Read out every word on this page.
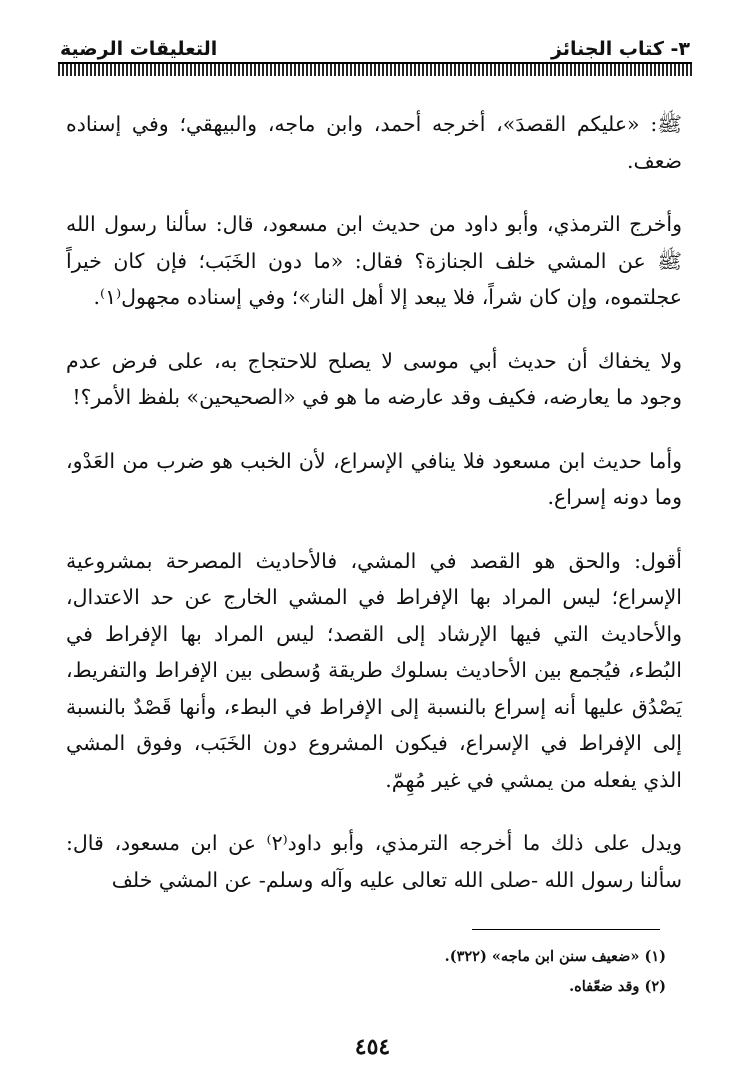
٣- كتاب الجنائز
التعليقات الرضية

ﷺ: «عليكم القصدَ»، أخرجه أحمد، وابن ماجه، والبيهقي؛ وفي إسناده ضعف.

وأخرج الترمذي، وأبو داود من حديث ابن مسعود، قال: سألنا رسول الله ﷺ عن المشي خلف الجنازة؟ فقال: «ما دون الخَبَب؛ فإن كان خيراً عجلتموه، وإن كان شراً، فلا يبعد إلا أهل النار»؛ وفي إسناده مجهول⁽١⁾.

ولا يخفاك أن حديث أبي موسى لا يصلح للاحتجاج به، على فرض عدم وجود ما يعارضه، فكيف وقد عارضه ما هو في «الصحيحين» بلفظ الأمر؟!

وأما حديث ابن مسعود فلا ينافي الإسراع، لأن الخبب هو ضرب من العَدْو، وما دونه إسراع.

أقول: والحق هو القصد في المشي، فالأحاديث المصرحة بمشروعية الإسراع؛ ليس المراد بها الإفراط في المشي الخارج عن حد الاعتدال، والأحاديث التي فيها الإرشاد إلى القصد؛ ليس المراد بها الإفراط في البُطء، فيُجمع بين الأحاديث بسلوك طريقة وُسطى بين الإفراط والتفريط، يَصْدُق عليها أنه إسراع بالنسبة إلى الإفراط في البطء، وأنها قَصْدٌ بالنسبة إلى الإفراط في الإسراع، فيكون المشروع دون الخَبَب، وفوق المشي الذي يفعله من يمشي في غير مُهِمّ.

ويدل على ذلك ما أخرجه الترمذي، وأبو داود⁽٢⁾ عن ابن مسعود، قال: سألنا رسول الله -صلى الله تعالى عليه وآله وسلم- عن المشي خلف

(١) «ضعيف سنن ابن ماجه» (٣٢٢).
(٢) وقد ضعّفاه.
٤٥٤
